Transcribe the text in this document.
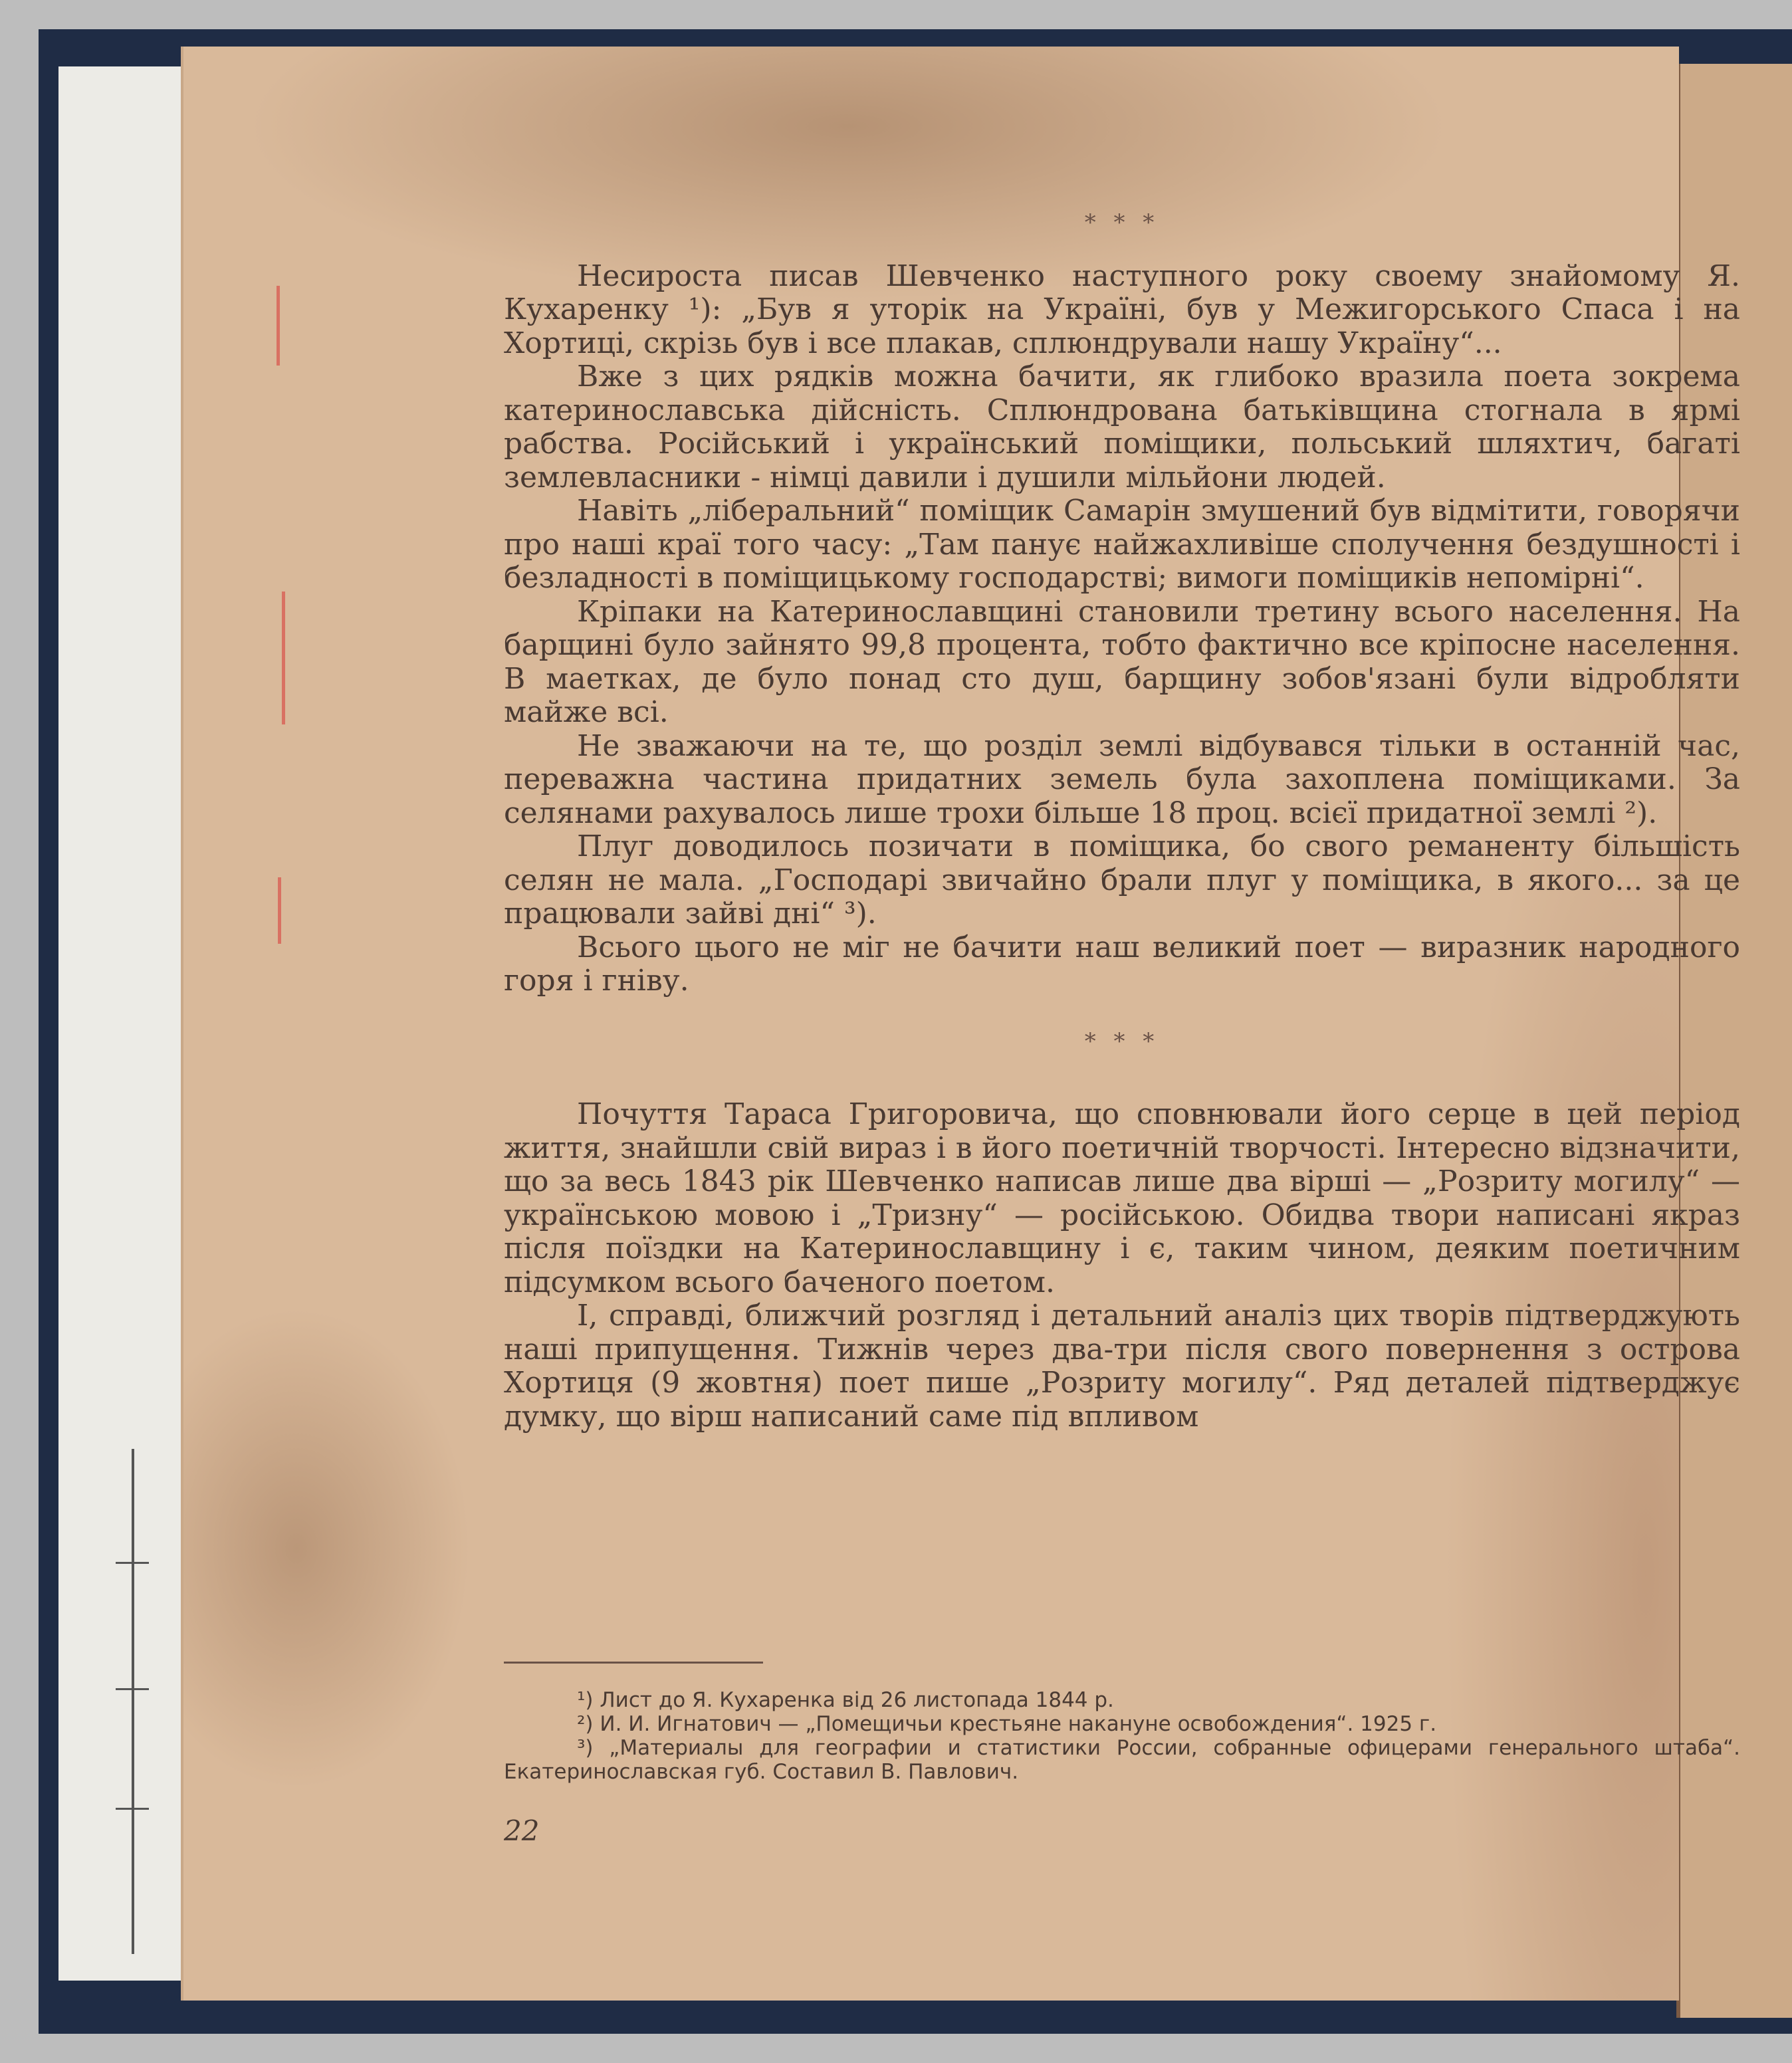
* * *

Несироста писав Шевченко наступного року своему знайомому Я. Кухаренку ¹): „Був я уторік на Україні, був у Межигорського Спаса і на Хортиці, скрізь був і все плакав, сплюндрували нашу Україну“...

Вже з цих рядків можна бачити, як глибоко вразила поета зокрема катеринославська дійсність. Сплюндрована батьківщина стогнала в ярмі рабства. Російський і український поміщики, польський шляхтич, багаті землевласники - німці давили і душили мільйони людей.

Навіть „ліберальний“ поміщик Самарін змушений був відмітити, говорячи про наші краї того часу: „Там панує найжахливіше сполучення бездушності і безладності в поміщицькому господарстві; вимоги поміщиків непомірні“.

Кріпаки на Катеринославщині становили третину всього населення. На барщині було зайнято 99,8 процента, тобто фактично все кріпосне населення. В маетках, де було понад сто душ, барщину зобов'язані були відробляти майже всі.

Не зважаючи на те, що розділ землі відбувався тільки в останній час, переважна частина придатних земель була захоплена поміщиками. За селянами рахувалось лише трохи більше 18 проц. всієї придатної землі ²).

Плуг доводилось позичати в поміщика, бо свого реманенту більшість селян не мала. „Господарі звичайно брали плуг у поміщика, в якого... за це працювали зайві дні“ ³).

Всього цього не міг не бачити наш великий поет — виразник народного горя і гніву.

* * *

Почуття Тараса Григоровича, що сповнювали його серце в цей період життя, знайшли свій вираз і в його поетичній творчості. Інтересно відзначити, що за весь 1843 рік Шевченко написав лише два вірші — „Розриту могилу“ — українською мовою і „Тризну“ — російською. Обидва твори написані якраз після поїздки на Катеринославщину і є, таким чином, деяким поетичним підсумком всього баченого поетом.

І, справді, ближчий розгляд і детальний аналіз цих творів підтверджують наші припущення. Тижнів через два-три після свого повернення з острова Хортиця (9 жовтня) поет пише „Розриту могилу“. Ряд деталей підтверджує думку, що вірш написаний саме під впливом

¹) Лист до Я. Кухаренка від 26 листопада 1844 р.

²) И. И. Игнатович — „Помещичьи крестьяне накануне освобождения“. 1925 г.

³) „Материалы для географии и статистики России, собранные офицерами генерального штаба“. Екатеринославская губ. Составил В. Павлович.

22
